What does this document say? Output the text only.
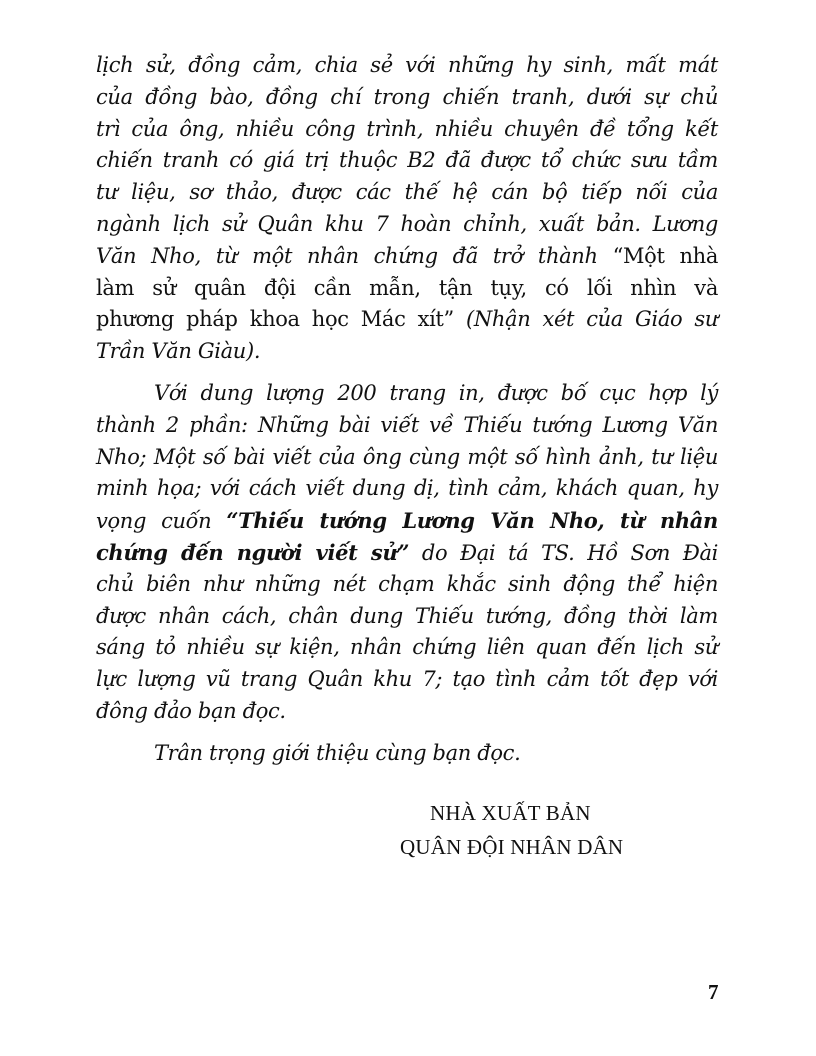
lịch sử, đồng cảm, chia sẻ với những hy sinh, mất mát
của đồng bào, đồng chí trong chiến tranh, dưới sự chủ
trì của ông, nhiều công trình, nhiều chuyên đề tổng kết
chiến tranh có giá trị thuộc B2 đã được tổ chức sưu tầm
tư liệu, sơ thảo, được các thế hệ cán bộ tiếp nối của
ngành lịch sử Quân khu 7 hoàn chỉnh, xuất bản. Lương
Văn Nho, từ một nhân chứng đã trở thành “Một nhà
làm sử quân đội cần mẫn, tận tụy, có lối nhìn và
phương pháp khoa học Mác xít” (Nhận xét của Giáo sư
Trần Văn Giàu).
Với dung lượng 200 trang in, được bố cục hợp lý
thành 2 phần: Những bài viết về Thiếu tướng Lương Văn
Nho; Một số bài viết của ông cùng một số hình ảnh, tư liệu
minh họa; với cách viết dung dị, tình cảm, khách quan, hy
vọng cuốn “Thiếu tướng Lương Văn Nho, từ nhân
chứng đến người viết sử” do Đại tá TS. Hồ Sơn Đài
chủ biên như những nét chạm khắc sinh động thể hiện
được nhân cách, chân dung Thiếu tướng, đồng thời làm
sáng tỏ nhiều sự kiện, nhân chứng liên quan đến lịch sử
lực lượng vũ trang Quân khu 7; tạo tình cảm tốt đẹp với
đông đảo bạn đọc.
Trân trọng giới thiệu cùng bạn đọc.
NHÀ XUẤT BẢN
QUÂN ĐỘI NHÂN DÂN
7
